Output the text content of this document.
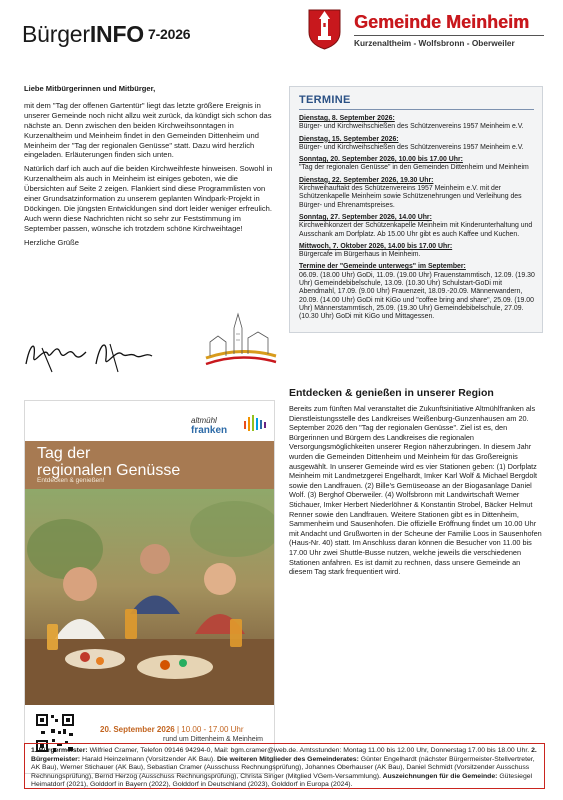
BürgerINFO 7-2026
Gemeinde Meinheim
Kurzenaltheim - Wolfsbronn - Oberweiler

Liebe Mitbürgerinnen und Mitbürger,

mit dem "Tag der offenen Gartentür" liegt das letzte größere Ereignis in unserer Gemeinde noch nicht allzu weit zurück, da kündigt sich schon das nächste an. Denn zwischen den beiden Kirchweihsonntagen in Kurzenaltheim und Meinheim findet in den Gemeinden Dittenheim und Meinheim der "Tag der regionalen Genüsse" statt. Dazu wird herzlich eingeladen. Erläuterungen finden sich unten.

Natürlich darf ich auch auf die beiden Kirchweihfeste hinweisen. Sowohl in Kurzenaltheim als auch in Meinheim ist einiges geboten, wie die Übersichten auf Seite 2 zeigen. Flankiert sind diese Programmlisten von einer Grundsatzinformation zu unserem geplanten Windpark-Projekt in Döckingen. Die jüngsten Entwicklungen sind dort leider weniger erfreulich. Auch wenn diese Nachrichten nicht so sehr zur Feststimmung im September passen, wünsche ich trotzdem schöne Kirchweihtage!

Herzliche Grüße

TERMINE
Dienstag, 8. September 2026:
Bürger- und Kirchweihschießen des Schützenvereins 1957 Meinheim e.V.
Dienstag, 15. September 2026:
Bürger- und Kirchweihschießen des Schützenvereins 1957 Meinheim e.V.
Sonntag, 20. September 2026, 10.00 bis 17.00 Uhr:
"Tag der regionalen Genüsse" in den Gemeinden Dittenheim und Meinheim
Dienstag, 22. September 2026, 19.30 Uhr:
Kirchweihauftakt des Schützenvereins 1957 Meinheim e.V. mit der Schützenkapelle Meinheim sowie Schützenehrungen und Verleihung des Bürger- und Ehrenamtspreises.
Sonntag, 27. September 2026, 14.00 Uhr:
Kirchweihkonzert der Schützenkapelle Meinheim mit Kinderunterhaltung und Ausschank am Dorfplatz. Ab 15.00 Uhr gibt es auch Kaffee und Kuchen.
Mittwoch, 7. Oktober 2026, 14.00 bis 17.00 Uhr:
Bürgercafe im Bürgerhaus in Meinheim.
Termine der "Gemeinde unterwegs" im September:
06.09. (18.00 Uhr) GoDi, 11.09. (19.00 Uhr) Frauenstammtisch, 12.09. (19.30 Uhr) Gemeindebibelschule, 13.09. (10.30 Uhr) Schulstart-GoDi mit Abendmahl, 17.09. (9.00 Uhr) Frauenzeit, 18.09.-20.09. Männerwandern, 20.09. (14.00 Uhr) GoDi mit KiGo und "coffee bring and share", 25.09. (19.00 Uhr) Männerstammtisch, 25.09. (19.30 Uhr) Gemeindebibelschule, 27.09. (10.30 Uhr) GoDi mit KiGo und Mittagessen.
altmühl
franken
Tag der
regionalen Genüsse
Entdecken & genießen!
20. September 2026 | 10.00 - 17.00 Uhr
rund um Dittenheim & Meinheim
Entdecken & genießen in unserer Region
Bereits zum fünften Mal veranstaltet die Zukunftsinitiative Altmühlfranken als Dienstleistungsstelle des Landkreises Weißenburg-Gunzenhausen am 20. September 2026 den "Tag der regionalen Genüsse". Ziel ist es, den Bürgerinnen und Bürgern des Landkreises die regionalen Versorgungsmöglichkeiten unserer Region näherzubringen. In diesem Jahr wurden die Gemeinden Dittenheim und Meinheim für das Großereignis ausgewählt. In unserer Gemeinde wird es vier Stationen geben: (1) Dorfplatz Meinheim mit Landmetzgerei Engelhardt, Imker Karl Wolf & Michael Bergdolt sowie den Landfrauen. (2) Bille's Gemüseoase an der Biogasanlage Daniel Wolf. (3) Berghof Oberweiler. (4) Wolfsbronn mit Landwirtschaft Werner Stichauer, Imker Herbert Niederlöhner & Konstantin Strobel, Bäcker Helmut Renner sowie den Landfrauen. Weitere Stationen gibt es in Dittenheim, Sammenheim und Sausenhofen. Die offizielle Eröffnung findet um 10.00 Uhr mit Andacht und Grußworten in der Scheune der Familie Loos in Sausenhofen (Haus-Nr. 40) statt. Im Anschluss daran können die Besucher von 11.00 bis 17.00 Uhr zwei Shuttle-Busse nutzen, welche jeweils die verschiedenen Stationen anfahren. Es ist damit zu rechnen, dass unsere Gemeinde an diesem Tag stark frequentiert wird.
1. Bürgermeister: Wilfried Cramer, Telefon 09146 94294-0, Mail: bgm.cramer@web.de. Amtsstunden: Montag 11.00 bis 12.00 Uhr, Donnerstag 17.00 bis 18.00 Uhr. 2. Bürgermeister: Harald Heinzelmann (Vorsitzender AK Bau). Die weiteren Mitglieder des Gemeinderates: Günter Engelhardt (nächster Bürgermeister-Stellvertreter, AK Bau), Werner Stichauer (AK Bau), Sebastian Cramer (Ausschuss Rechnungsprüfung), Johannes Oberhauser (AK Bau), Daniel Schmidt (Vorsitzender Ausschuss Rechnungsprüfung), Bernd Herzog (Ausschuss Rechnungsprüfung), Christa Singer (Mitglied VGem-Versammlung). Auszeichnungen für die Gemeinde: Gütesiegel Heimatdorf (2021), Golddorf in Bayern (2022), Golddorf in Deutschland (2023), Golddorf in Europa (2024).
